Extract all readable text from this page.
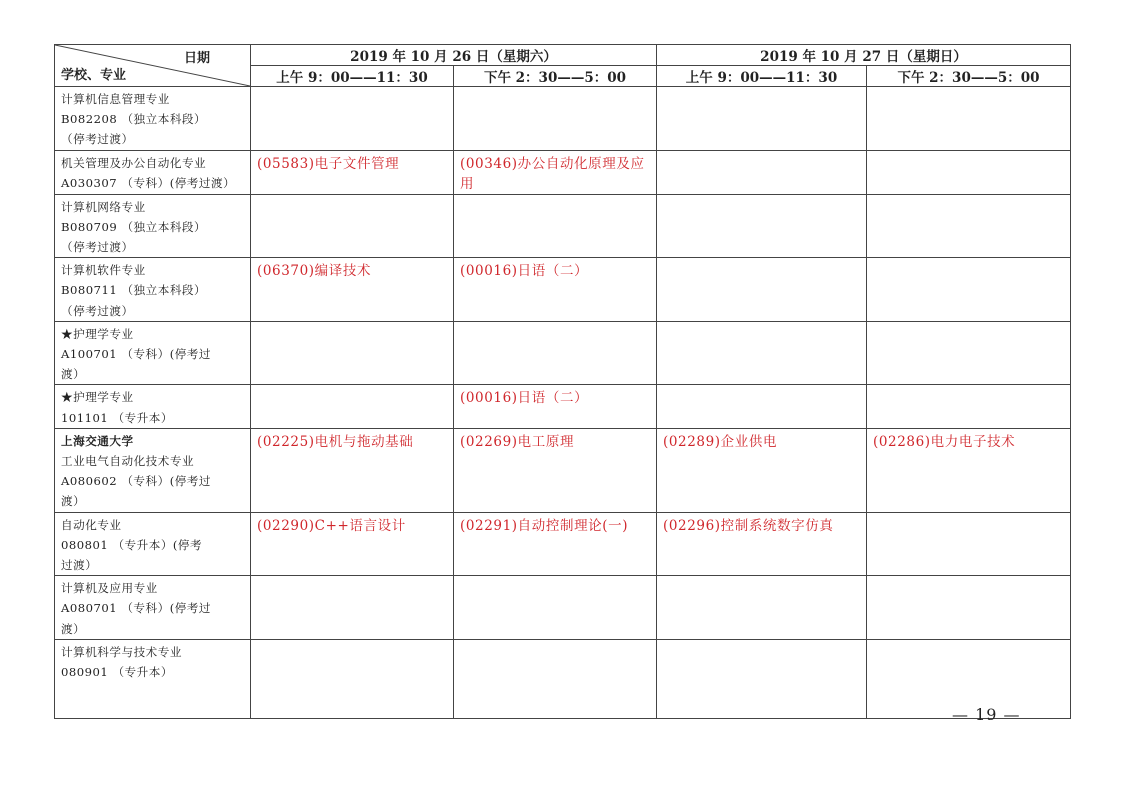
日期
学校、专业	2019 年 10 月 26 日（星期六）		2019 年 10 月 27 日（星期日）	
	上午 9：00——11：30	下午 2：30——5：00	上午 9：00——11：30	下午 2：30——5：00

计算机信息管理专业
B082208 （独立本科段）
（停考过渡）				

机关管理及办公自动化专业
A030307 （专科）(停考过渡）	(05583)电子文件管理	(00346)办公自动化原理及应用		

计算机网络专业
B080709 （独立本科段）
（停考过渡）				

计算机软件专业
B080711 （独立本科段）
（停考过渡）	(06370)编译技术	(00016)日语（二）		

★护理学专业
A100701 （专科）(停考过
渡）				

★护理学专业
101101 （专升本）		(00016)日语（二）		

上海交通大学
工业电气自动化技术专业
A080602 （专科）(停考过
渡）	(02225)电机与拖动基础	(02269)电工原理	(02289)企业供电	(02286)电力电子技术

自动化专业
080801 （专升本）(停考
过渡）	(02290)C++语言设计	(02291)自动控制理论(一)	(02296)控制系统数字仿真	

计算机及应用专业
A080701 （专科）(停考过
渡）				

计算机科学与技术专业
080901 （专升本）				

— 19 —
